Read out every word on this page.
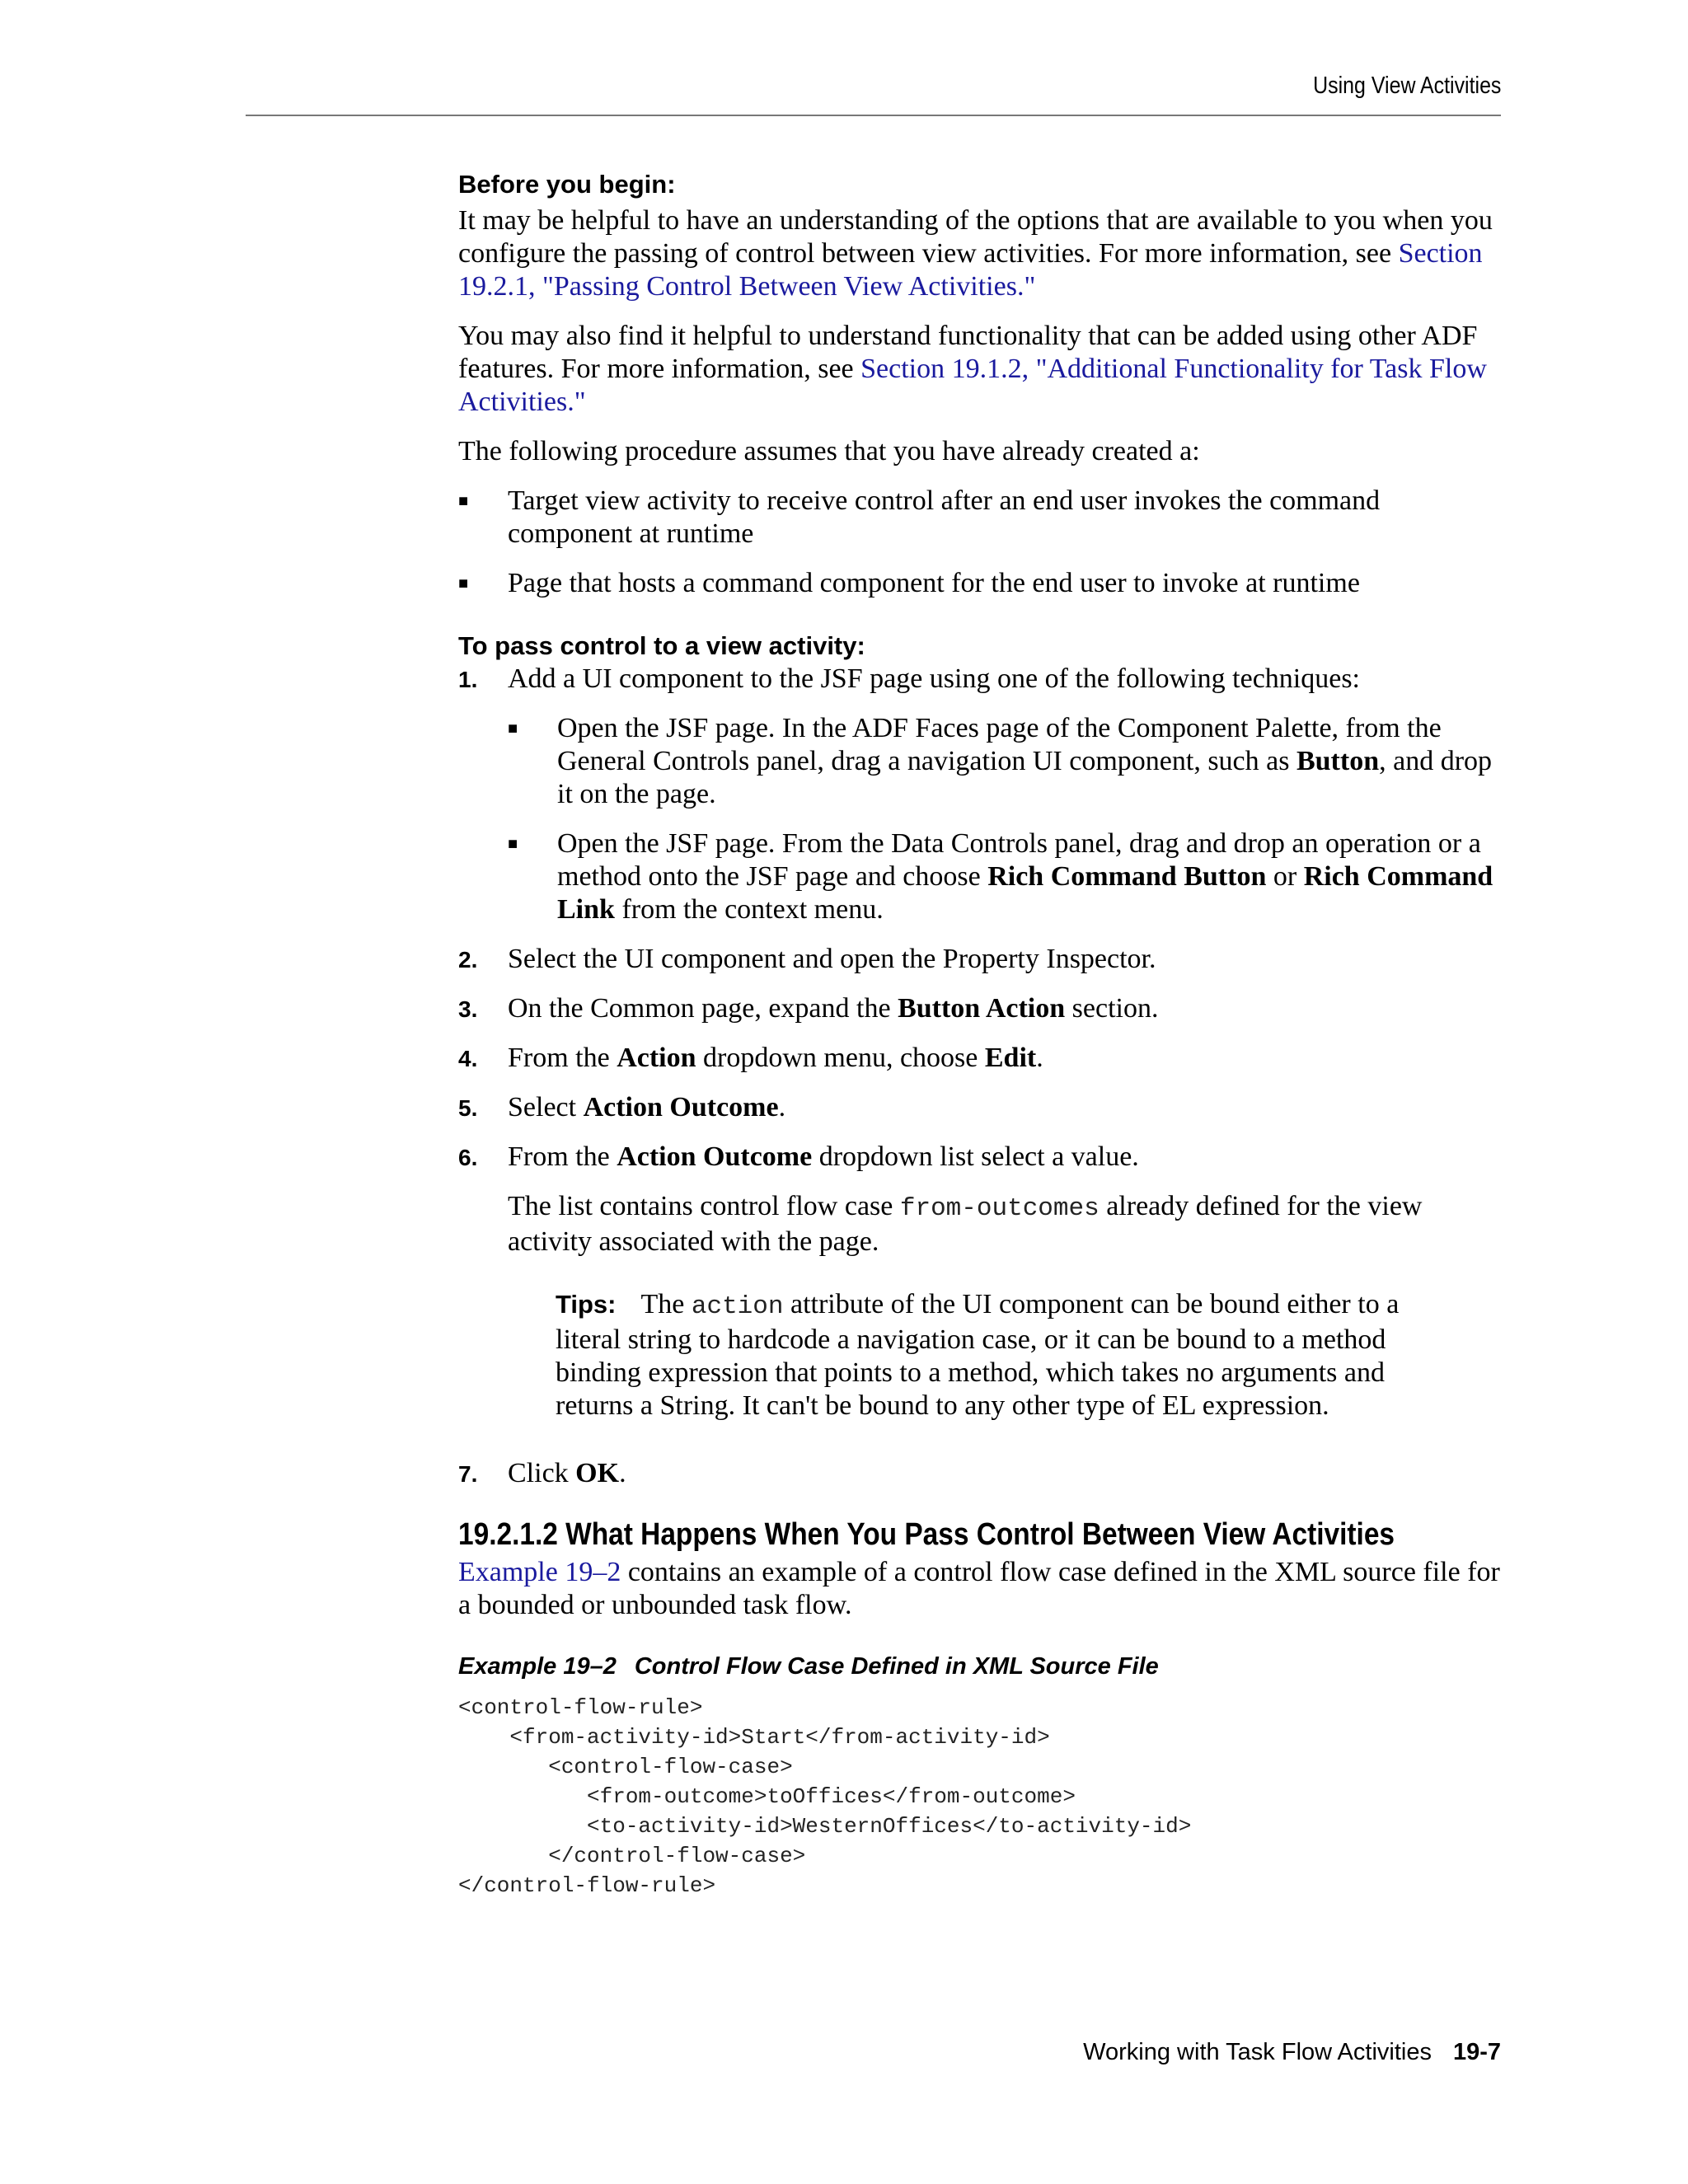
Using View Activities
Before you begin:

It may be helpful to have an understanding of the options that are available to you when you configure the passing of control between view activities. For more information, see Section 19.2.1, "Passing Control Between View Activities."

You may also find it helpful to understand functionality that can be added using other ADF features. For more information, see Section 19.1.2, "Additional Functionality for Task Flow Activities."

The following procedure assumes that you have already created a:

■ Target view activity to receive control after an end user invokes the command component at runtime
■ Page that hosts a command component for the end user to invoke at runtime
To pass control to a view activity:
1. Add a UI component to the JSF page using one of the following techniques:
■ Open the JSF page. In the ADF Faces page of the Component Palette, from the General Controls panel, drag a navigation UI component, such as Button, and drop it on the page.
■ Open the JSF page. From the Data Controls panel, drag and drop an operation or a method onto the JSF page and choose Rich Command Button or Rich Command Link from the context menu.
2. Select the UI component and open the Property Inspector.
3. On the Common page, expand the Button Action section.
4. From the Action dropdown menu, choose Edit.
5. Select Action Outcome.
6. From the Action Outcome dropdown list select a value.

The list contains control flow case from-outcomes already defined for the view activity associated with the page.

Tips: The action attribute of the UI component can be bound either to a literal string to hardcode a navigation case, or it can be bound to a method binding expression that points to a method, which takes no arguments and returns a String. It can't be bound to any other type of EL expression.

7. Click OK.
19.2.1.2 What Happens When You Pass Control Between View Activities

Example 19–2 contains an example of a control flow case defined in the XML source file for a bounded or unbounded task flow.

Example 19–2 Control Flow Case Defined in XML Source File

<control-flow-rule>
<from-activity-id>Start</from-activity-id>
<control-flow-case>
<from-outcome>toOffices</from-outcome>
<to-activity-id>WesternOffices</to-activity-id>
</control-flow-case>
</control-flow-rule>
Working with Task Flow Activities 19-7
